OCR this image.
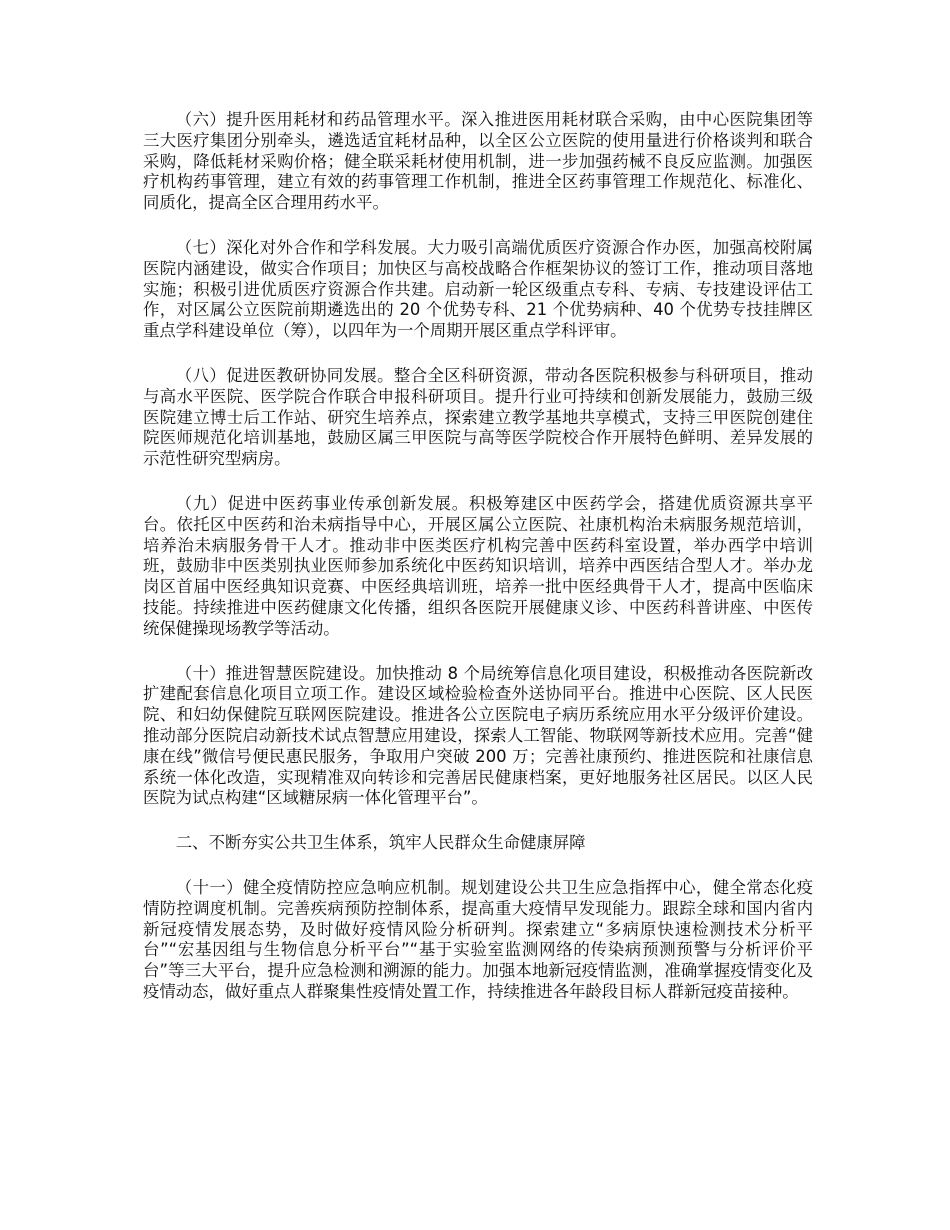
（六）提升医用耗材和药品管理水平。深入推进医用耗材联合采购，由中心医院集团等三大医疗集团分别牵头，遴选适宜耗材品种，以全区公立医院的使用量进行价格谈判和联合采购，降低耗材采购价格；健全联采耗材使用机制，进一步加强药械不良反应监测。加强医疗机构药事管理，建立有效的药事管理工作机制，推进全区药事管理工作规范化、标准化、同质化，提高全区合理用药水平。

（七）深化对外合作和学科发展。大力吸引高端优质医疗资源合作办医，加强高校附属医院内涵建设，做实合作项目；加快区与高校战略合作框架协议的签订工作，推动项目落地实施；积极引进优质医疗资源合作共建。启动新一轮区级重点专科、专病、专技建设评估工作，对区属公立医院前期遴选出的 20 个优势专科、21 个优势病种、40 个优势专技挂牌区重点学科建设单位（筹），以四年为一个周期开展区重点学科评审。

（八）促进医教研协同发展。整合全区科研资源，带动各医院积极参与科研项目，推动与高水平医院、医学院合作联合申报科研项目。提升行业可持续和创新发展能力，鼓励三级医院建立博士后工作站、研究生培养点，探索建立教学基地共享模式，支持三甲医院创建住院医师规范化培训基地，鼓励区属三甲医院与高等医学院校合作开展特色鲜明、差异发展的示范性研究型病房。

（九）促进中医药事业传承创新发展。积极筹建区中医药学会，搭建优质资源共享平台。依托区中医药和治未病指导中心，开展区属公立医院、社康机构治未病服务规范培训，培养治未病服务骨干人才。推动非中医类医疗机构完善中医药科室设置，举办西学中培训班，鼓励非中医类别执业医师参加系统化中医药知识培训，培养中西医结合型人才。举办龙岗区首届中医经典知识竞赛、中医经典培训班，培养一批中医经典骨干人才，提高中医临床技能。持续推进中医药健康文化传播，组织各医院开展健康义诊、中医药科普讲座、中医传统保健操现场教学等活动。

（十）推进智慧医院建设。加快推动 8 个局统筹信息化项目建设，积极推动各医院新改扩建配套信息化项目立项工作。建设区域检验检查外送协同平台。推进中心医院、区人民医院、和妇幼保健院互联网医院建设。推进各公立医院电子病历系统应用水平分级评价建设。推动部分医院启动新技术试点智慧应用建设，探索人工智能、物联网等新技术应用。完善“健康在线”微信号便民惠民服务，争取用户突破 200 万；完善社康预约、推进医院和社康信息系统一体化改造，实现精准双向转诊和完善居民健康档案，更好地服务社区居民。以区人民医院为试点构建“区域糖尿病一体化管理平台”。

二、不断夯实公共卫生体系，筑牢人民群众生命健康屏障

（十一）健全疫情防控应急响应机制。规划建设公共卫生应急指挥中心，健全常态化疫情防控调度机制。完善疾病预防控制体系，提高重大疫情早发现能力。跟踪全球和国内省内新冠疫情发展态势，及时做好疫情风险分析研判。探索建立“多病原快速检测技术分析平台”“宏基因组与生物信息分析平台”“基于实验室监测网络的传染病预测预警与分析评价平台”等三大平台，提升应急检测和溯源的能力。加强本地新冠疫情监测，准确掌握疫情变化及疫情动态，做好重点人群聚集性疫情处置工作，持续推进各年龄段目标人群新冠疫苗接种。
